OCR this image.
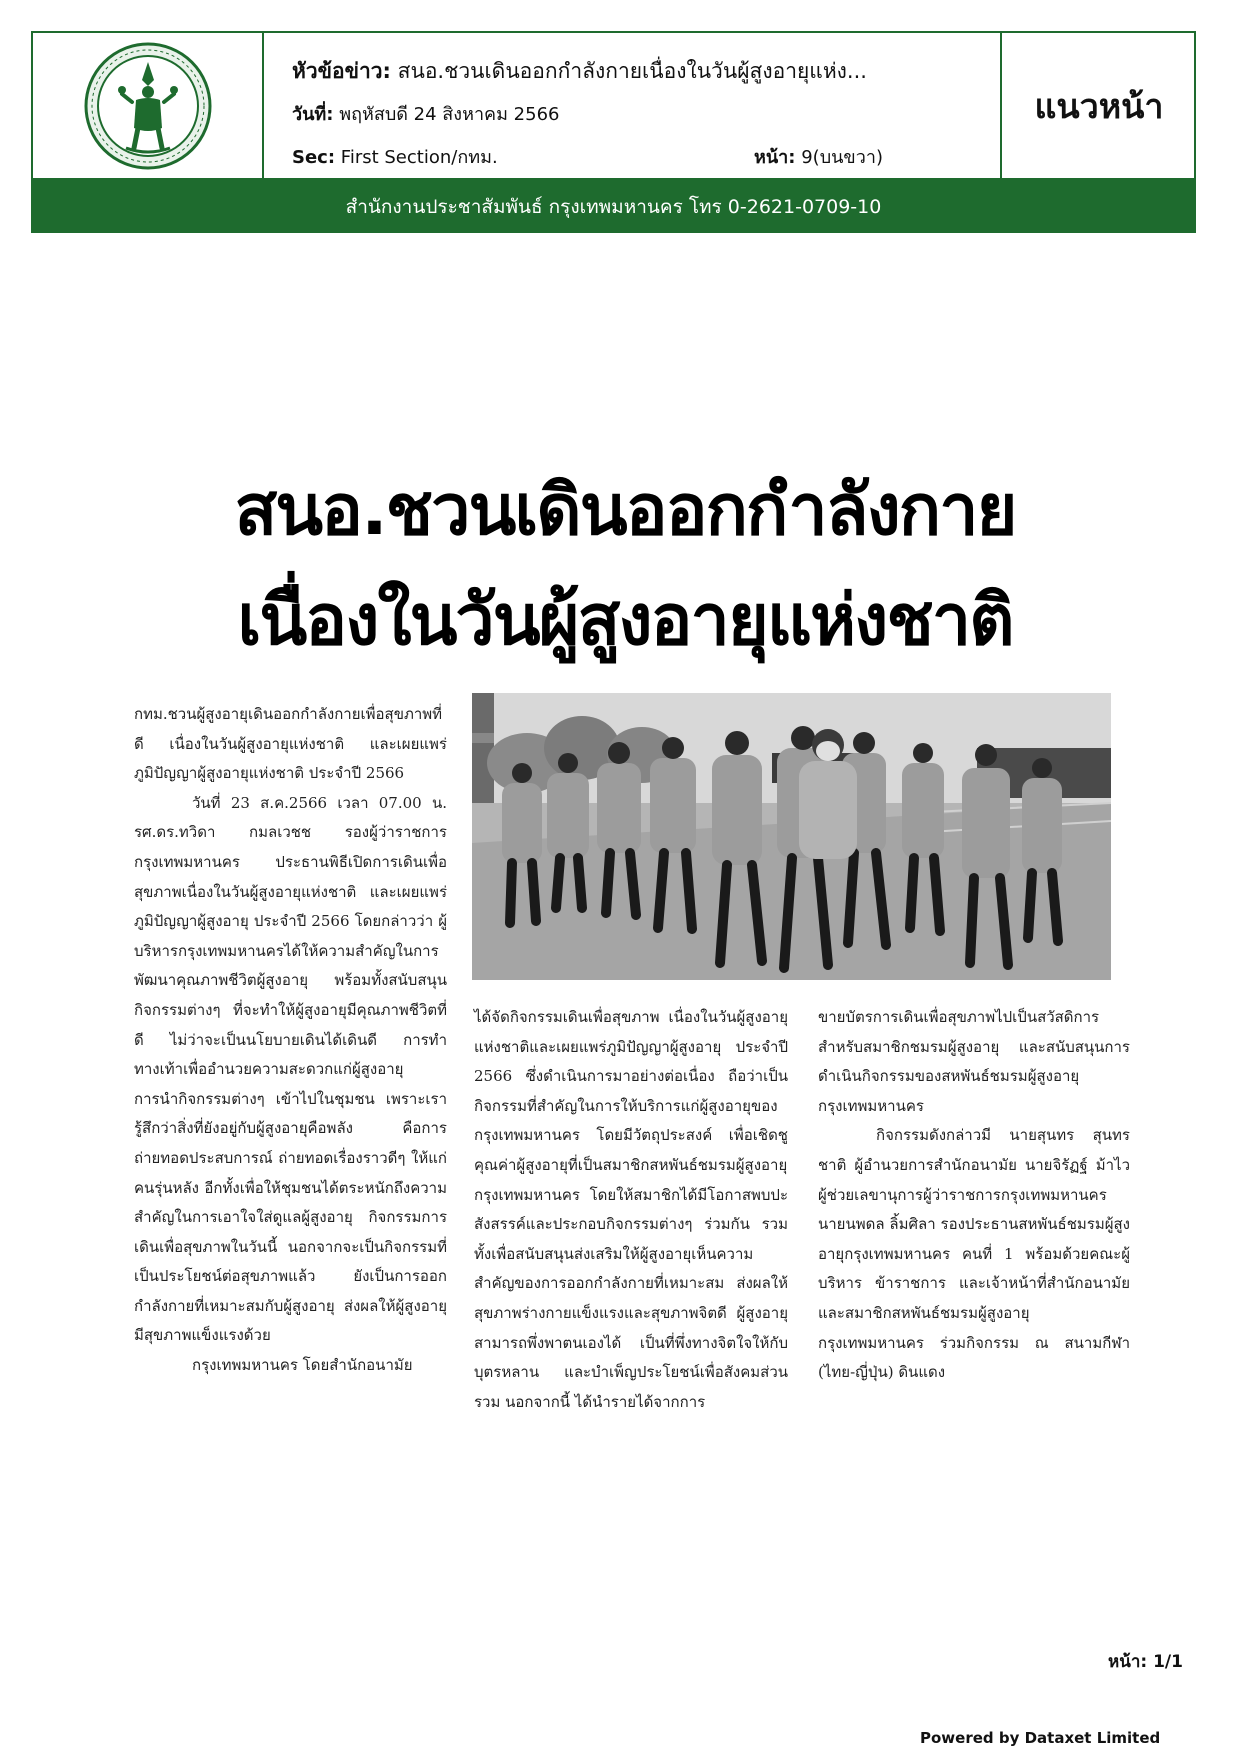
หัวข้อข่าว: สนอ.ชวนเดินออกกำลังกายเนื่องในวันผู้สูงอายุแห่ง...
วันที่: พฤหัสบดี 24 สิงหาคม 2566
Sec: First Section/กทม.	หน้า: 9(บนขวา)
แนวหน้า
สำนักงานประชาสัมพันธ์ กรุงเทพมหานคร โทร 0-2621-0709-10
สนอ.ชวนเดินออกกำลังกาย
เนื่องในวันผู้สูงอายุแห่งชาติ

กทม.ชวนผู้สูงอายุเดินออกกำลังกายเพื่อสุขภาพที่ดี เนื่องในวันผู้สูงอายุแห่งชาติ และเผยแพร่ภูมิปัญญาผู้สูงอายุแห่งชาติ ประจำปี 2566

วันที่ 23 ส.ค.2566 เวลา 07.00 น. รศ.ดร.ทวิดา กมลเวชช รองผู้ว่าราชการกรุงเทพมหานคร ประธานพิธีเปิดการเดินเพื่อสุขภาพเนื่องในวันผู้สูงอายุแห่งชาติ และเผยแพร่ภูมิปัญญาผู้สูงอายุ ประจำปี 2566 โดยกล่าวว่า ผู้บริหารกรุงเทพมหานครได้ให้ความสำคัญในการพัฒนาคุณภาพชีวิตผู้สูงอายุ พร้อมทั้งสนับสนุนกิจกรรมต่างๆ ที่จะทำให้ผู้สูงอายุมีคุณภาพชีวิตที่ดี ไม่ว่าจะเป็นนโยบายเดินได้เดินดี การทำทางเท้าเพื่ออำนวยความสะดวกแก่ผู้สูงอายุ การนำกิจกรรมต่างๆ เข้าไปในชุมชน เพราะเรารู้สึกว่าสิ่งที่ยังอยู่กับผู้สูงอายุคือพลัง คือการถ่ายทอดประสบการณ์ ถ่ายทอดเรื่องราวดีๆ ให้แก่คนรุ่นหลัง อีกทั้งเพื่อให้ชุมชนได้ตระหนักถึงความสำคัญในการเอาใจใส่ดูแลผู้สูงอายุ กิจกรรมการเดินเพื่อสุขภาพในวันนี้ นอกจากจะเป็นกิจกรรมที่เป็นประโยชน์ต่อสุขภาพแล้ว ยังเป็นการออกกำลังกายที่เหมาะสมกับผู้สูงอายุ ส่งผลให้ผู้สูงอายุมีสุขภาพแข็งแรงด้วย

กรุงเทพมหานคร โดยสำนักอนามัย

ได้จัดกิจกรรมเดินเพื่อสุขภาพ เนื่องในวันผู้สูงอายุแห่งชาติและเผยแพร่ภูมิปัญญาผู้สูงอายุ ประจำปี 2566 ซึ่งดำเนินการมาอย่างต่อเนื่อง ถือว่าเป็นกิจกรรมที่สำคัญในการให้บริการแก่ผู้สูงอายุของกรุงเทพมหานคร โดยมีวัตถุประสงค์ เพื่อเชิดชูคุณค่าผู้สูงอายุที่เป็นสมาชิกสหพันธ์ชมรมผู้สูงอายุกรุงเทพมหานคร โดยให้สมาชิกได้มีโอกาสพบปะสังสรรค์และประกอบกิจกรรมต่างๆ ร่วมกัน รวมทั้งเพื่อสนับสนุนส่งเสริมให้ผู้สูงอายุเห็นความสำคัญของการออกกำลังกายที่เหมาะสม ส่งผลให้สุขภาพร่างกายแข็งแรงและสุขภาพจิตดี ผู้สูงอายุสามารถพึ่งพาตนเองได้ เป็นที่พึ่งทางจิตใจให้กับบุตรหลาน และบำเพ็ญประโยชน์เพื่อสังคมส่วนรวม นอกจากนี้ ได้นำรายได้จากการ

ขายบัตรการเดินเพื่อสุขภาพไปเป็นสวัสดิการ สำหรับสมาชิกชมรมผู้สูงอายุ และสนับสนุนการดำเนินกิจกรรมของสหพันธ์ชมรมผู้สูงอายุกรุงเทพมหานคร

กิจกรรมดังกล่าวมี นายสุนทร สุนทรชาติ ผู้อำนวยการสำนักอนามัย นายจิรัฏฐ์ ม้าไว ผู้ช่วยเลขานุการผู้ว่าราชการกรุงเทพมหานคร นายนพดล ลิ้มศิลา รองประธานสหพันธ์ชมรมผู้สูงอายุกรุงเทพมหานคร คนที่ 1 พร้อมด้วยคณะผู้บริหาร ข้าราชการ และเจ้าหน้าที่สำนักอนามัย และสมาชิกสหพันธ์ชมรมผู้สูงอายุกรุงเทพมหานคร ร่วมกิจกรรม ณ สนามกีฬา (ไทย-ญี่ปุ่น) ดินแดง

หน้า: 1/1
Powered by Dataxet Limited
